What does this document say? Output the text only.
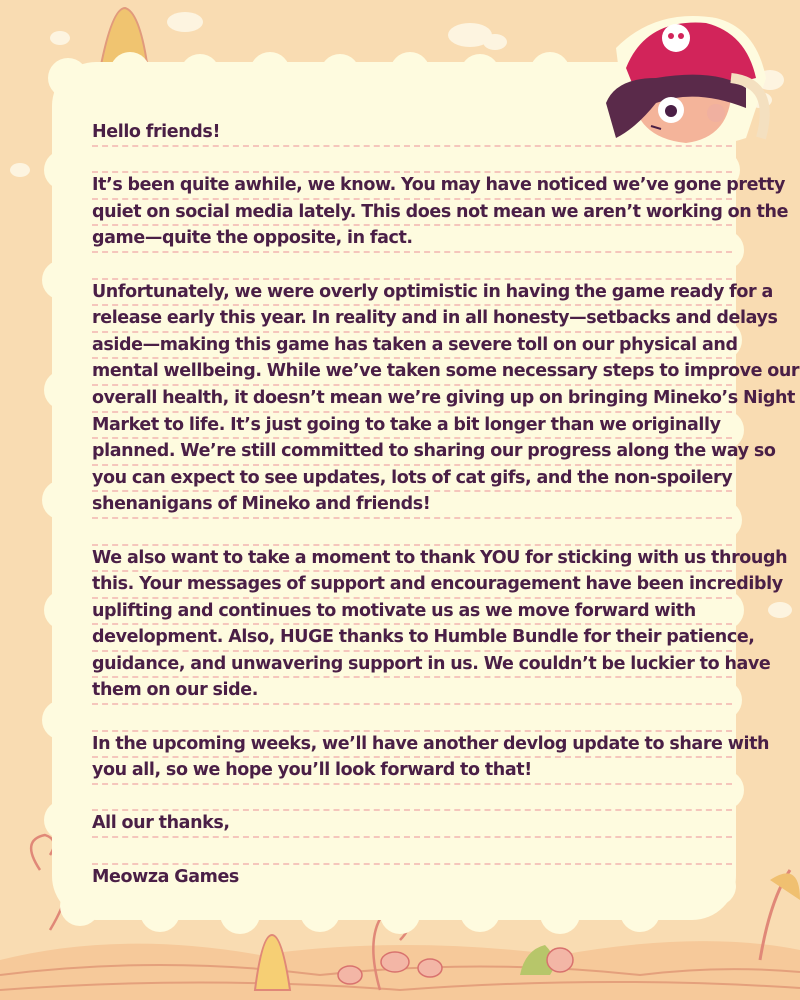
Hello friends!
It’s been quite awhile, we know. You may have noticed we’ve gone pretty
quiet on social media lately. This does not mean we aren’t working on the
game—quite the opposite, in fact.
Unfortunately, we were overly optimistic in having the game ready for a
release early this year. In reality and in all honesty—setbacks and delays
aside—making this game has taken a severe toll on our physical and
mental wellbeing. While we’ve taken some necessary steps to improve our
overall health, it doesn’t mean we’re giving up on bringing Mineko’s Night
Market to life. It’s just going to take a bit longer than we originally
planned. We’re still committed to sharing our progress along the way so
you can expect to see updates, lots of cat gifs, and the non-spoilery
shenanigans of Mineko and friends!
We also want to take a moment to thank YOU for sticking with us through
this. Your messages of support and encouragement have been incredibly
uplifting and continues to motivate us as we move forward with
development. Also, HUGE thanks to Humble Bundle for their patience,
guidance, and unwavering support in us. We couldn’t be luckier to have
them on our side.
In the upcoming weeks, we’ll have another devlog update to share with
you all, so we hope you’ll look forward to that!
All our thanks,
Meowza Games
